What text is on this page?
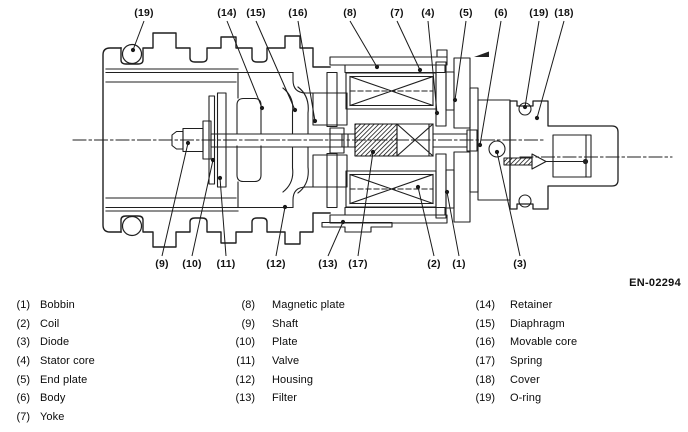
(19)	(14) (15) (16)	(8)	(7) (4) (5) (6) (19) (18)
(9) (10) (11)	(12)	(13) (17)	(2) (1)	(3)
(1) Bobbin
(2) Coil
(3) Diode
(4) Stator core
(5) End plate
(6) Body
(7) Yoke
(8) Magnetic plate
(9) Shaft
(10) Plate
(11) Valve
(12) Housing
(13) Filter
(14) Retainer
(15) Diaphragm
(16) Movable core
(17) Spring
(18) Cover
(19) O-ring
EN-02294
